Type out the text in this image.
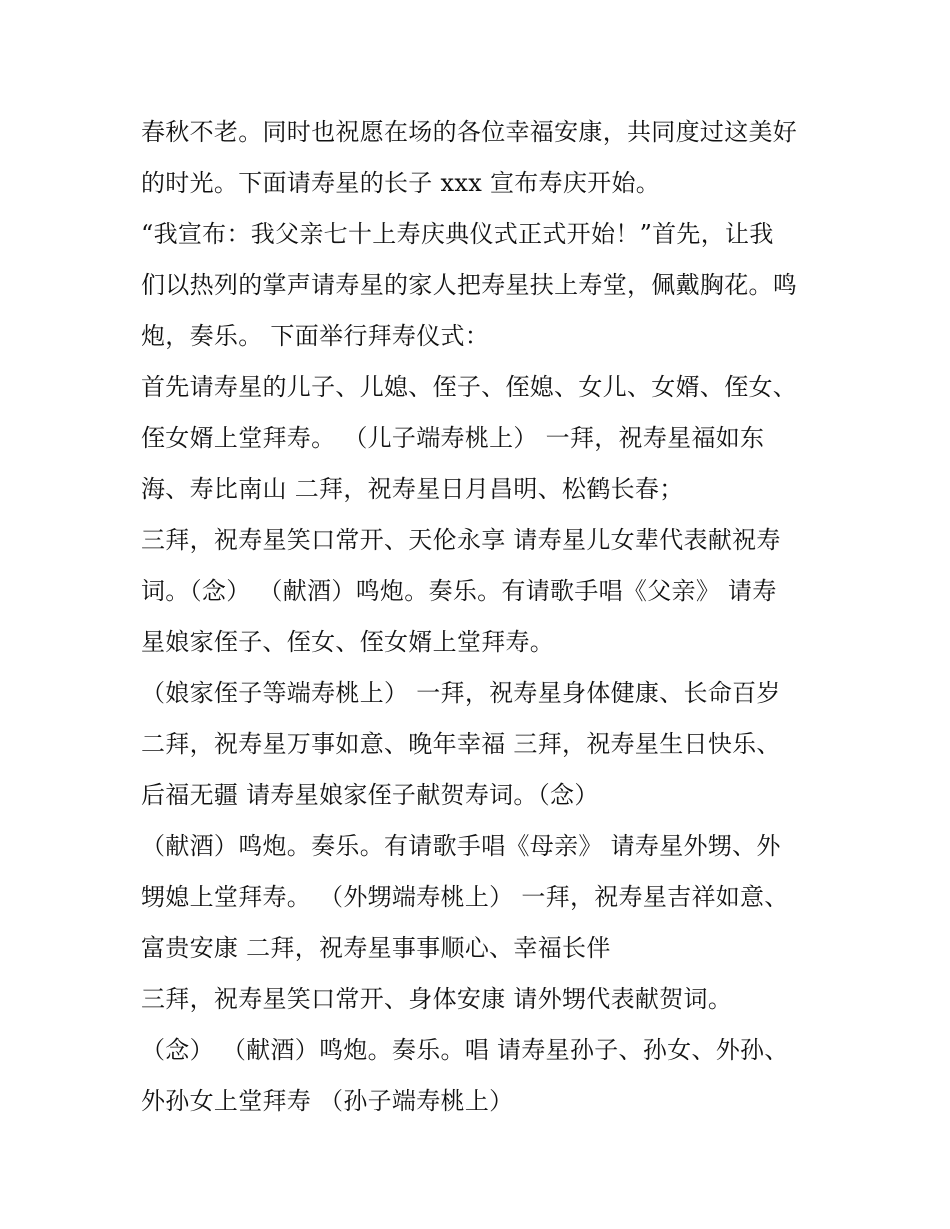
春秋不老。同时也祝愿在场的各位幸福安康，共同度过这美好
的时光。下面请寿星的长子 xxx 宣布寿庆开始。
“我宣布：我父亲七十上寿庆典仪式正式开始！”首先，让我
们以热列的掌声请寿星的家人把寿星扶上寿堂，佩戴胸花。鸣
炮，奏乐。 下面举行拜寿仪式：
首先请寿星的儿子、儿媳、侄子、侄媳、女儿、女婿、侄女、
侄女婿上堂拜寿。 （儿子端寿桃上） 一拜，祝寿星福如东
海、寿比南山 二拜，祝寿星日月昌明、松鹤长春；
三拜，祝寿星笑口常开、天伦永享 请寿星儿女辈代表献祝寿
词。（念） （献酒）鸣炮。奏乐。有请歌手唱《父亲》 请寿
星娘家侄子、侄女、侄女婿上堂拜寿。
（娘家侄子等端寿桃上） 一拜，祝寿星身体健康、长命百岁
二拜，祝寿星万事如意、晚年幸福 三拜，祝寿星生日快乐、
后福无疆 请寿星娘家侄子献贺寿词。（念）
（献酒）鸣炮。奏乐。有请歌手唱《母亲》 请寿星外甥、外
甥媳上堂拜寿。 （外甥端寿桃上） 一拜，祝寿星吉祥如意、
富贵安康 二拜，祝寿星事事顺心、幸福长伴
三拜，祝寿星笑口常开、身体安康 请外甥代表献贺词。
（念） （献酒）鸣炮。奏乐。唱 请寿星孙子、孙女、外孙、
外孙女上堂拜寿 （孙子端寿桃上）
